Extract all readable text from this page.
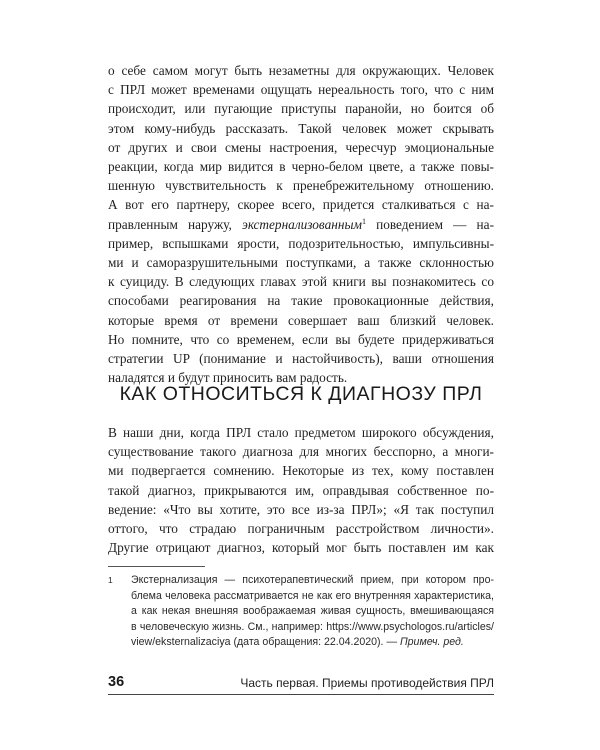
о себе самом могут быть незаметны для окружающих. Человек
с ПРЛ может временами ощущать нереальность того, что с ним
происходит, или пугающие приступы паранойи, но боится об
этом кому-нибудь рассказать. Такой человек может скрывать
от других и свои смены настроения, чересчур эмоциональные
реакции, когда мир видится в черно-белом цвете, а также повы-
шенную чувствительность к пренебрежительному отношению.
А вот его партнеру, скорее всего, придется сталкиваться с на-
правленным наружу, экстернализованным$^1$ поведением — на-
пример, вспышками ярости, подозрительностью, импульсивны-
ми и саморазрушительными поступками, а также склонностью
к суициду. В следующих главах этой книги вы познакомитесь со
способами реагирования на такие провокационные действия,
которые время от времени совершает ваш близкий человек.
Но помните, что со временем, если вы будете придерживаться
стратегии UP (понимание и настойчивость), ваши отношения
наладятся и будут приносить вам радость.
КАК ОТНОСИТЬСЯ К ДИАГНОЗУ ПРЛ
В наши дни, когда ПРЛ стало предметом широкого обсуждения,
существование такого диагноза для многих бесспорно, а многи-
ми подвергается сомнению. Некоторые из тех, кому поставлен
такой диагноз, прикрываются им, оправдывая собственное по-
ведение: «Что вы хотите, это все из-за ПРЛ»; «Я так поступил
оттого, что страдаю пограничным расстройством личности».
Другие отрицают диагноз, который мог быть поставлен им как
1	Экстернализация — психотерапевтический прием, при котором про-
блема человека рассматривается не как его внутренняя характеристика,
а как некая внешняя воображаемая живая сущность, вмешивающаяся
в человеческую жизнь. См., например: https://www.psychologos.ru/articles/
view/eksternalizaciya (дата обращения: 22.04.2020). — Примеч. ред.
36	Часть первая. Приемы противодействия ПРЛ
